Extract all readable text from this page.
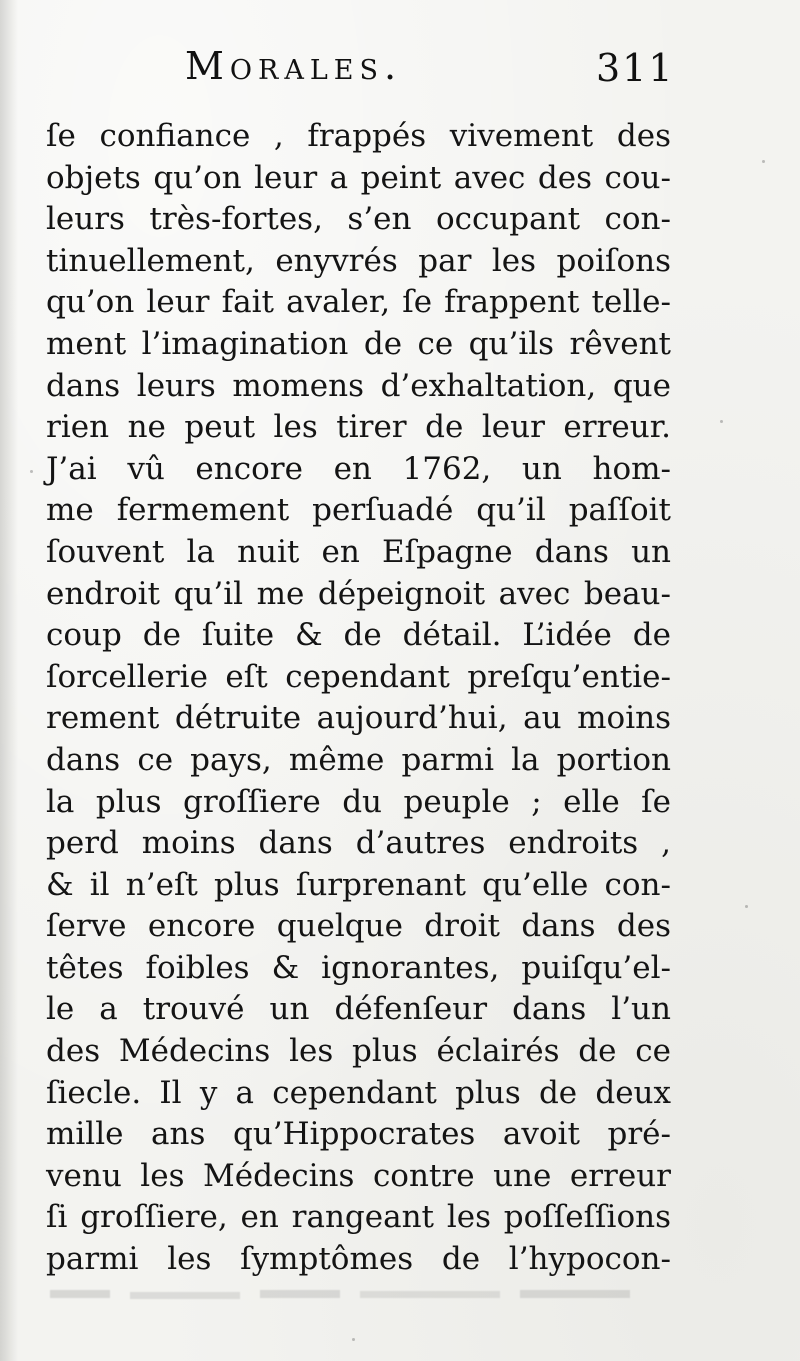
Morales.	311
ſe confiance , frappés vivement des
objets qu’on leur a peint avec des cou-
leurs très-fortes, s’en occupant con-
tinuellement, enyvrés par les poiſons
qu’on leur fait avaler, ſe frappent telle-
ment l’imagination de ce qu’ils rêvent
dans leurs momens d’exhaltation, que
rien ne peut les tirer de leur erreur.
J’ai vû encore en 1762, un hom-
me fermement perſuadé qu’il paſſoit
ſouvent la nuit en Eſpagne dans un
endroit qu’il me dépeignoit avec beau-
coup de ſuite & de détail. L’idée de
ſorcellerie eſt cependant preſqu’entie-
rement détruite aujourd’hui, au moins
dans ce pays, même parmi la portion
la plus groſſiere du peuple ; elle ſe
perd moins dans d’autres endroits ,
& il n’eſt plus ſurprenant qu’elle con-
ſerve encore quelque droit dans des
têtes foibles & ignorantes, puiſqu’el-
le a trouvé un défenſeur dans l’un
des Médecins les plus éclairés de ce
ſiecle. Il y a cependant plus de deux
mille ans qu’Hippocrates avoit pré-
venu les Médecins contre une erreur
ſi groſſiere, en rangeant les poſſeſſions
parmi les ſymptômes de l’hypocon-
